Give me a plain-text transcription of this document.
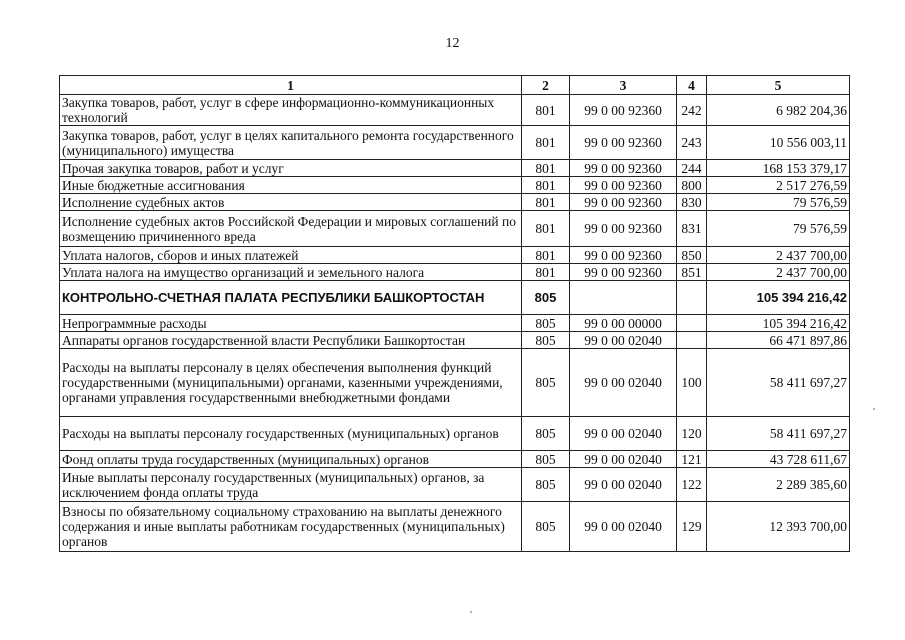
12
1	2	3	4	5
Закупка товаров, работ, услуг в сфере информационно-коммуникационных технологий	801	99 0 00 92360	242	6 982 204,36
Закупка товаров, работ, услуг в целях капитального ремонта государственного (муниципального) имущества	801	99 0 00 92360	243	10 556 003,11
Прочая закупка товаров, работ и услуг	801	99 0 00 92360	244	168 153 379,17
Иные бюджетные ассигнования	801	99 0 00 92360	800	2 517 276,59
Исполнение судебных актов	801	99 0 00 92360	830	79 576,59
Исполнение судебных актов Российской Федерации и мировых соглашений по возмещению причиненного вреда	801	99 0 00 92360	831	79 576,59
Уплата налогов, сборов и иных платежей	801	99 0 00 92360	850	2 437 700,00
Уплата налога на имущество организаций и земельного налога	801	99 0 00 92360	851	2 437 700,00
КОНТРОЛЬНО-СЧЕТНАЯ ПАЛАТА РЕСПУБЛИКИ БАШКОРТОСТАН	805			105 394 216,42
Непрограммные расходы	805	99 0 00 00000		105 394 216,42
Аппараты органов государственной власти Республики Башкортостан	805	99 0 00 02040		66 471 897,86
Расходы на выплаты персоналу в целях обеспечения выполнения функций государственными (муниципальными) органами, казенными учреждениями, органами управления государственными внебюджетными фондами	805	99 0 00 02040	100	58 411 697,27
Расходы на выплаты персоналу государственных (муниципальных) органов	805	99 0 00 02040	120	58 411 697,27
Фонд оплаты труда государственных (муниципальных) органов	805	99 0 00 02040	121	43 728 611,67
Иные выплаты персоналу государственных (муниципальных) органов, за исключением фонда оплаты труда	805	99 0 00 02040	122	2 289 385,60
Взносы по обязательному социальному страхованию на выплаты денежного содержания и иные выплаты работникам государственных (муниципальных) органов	805	99 0 00 02040	129	12 393 700,00
